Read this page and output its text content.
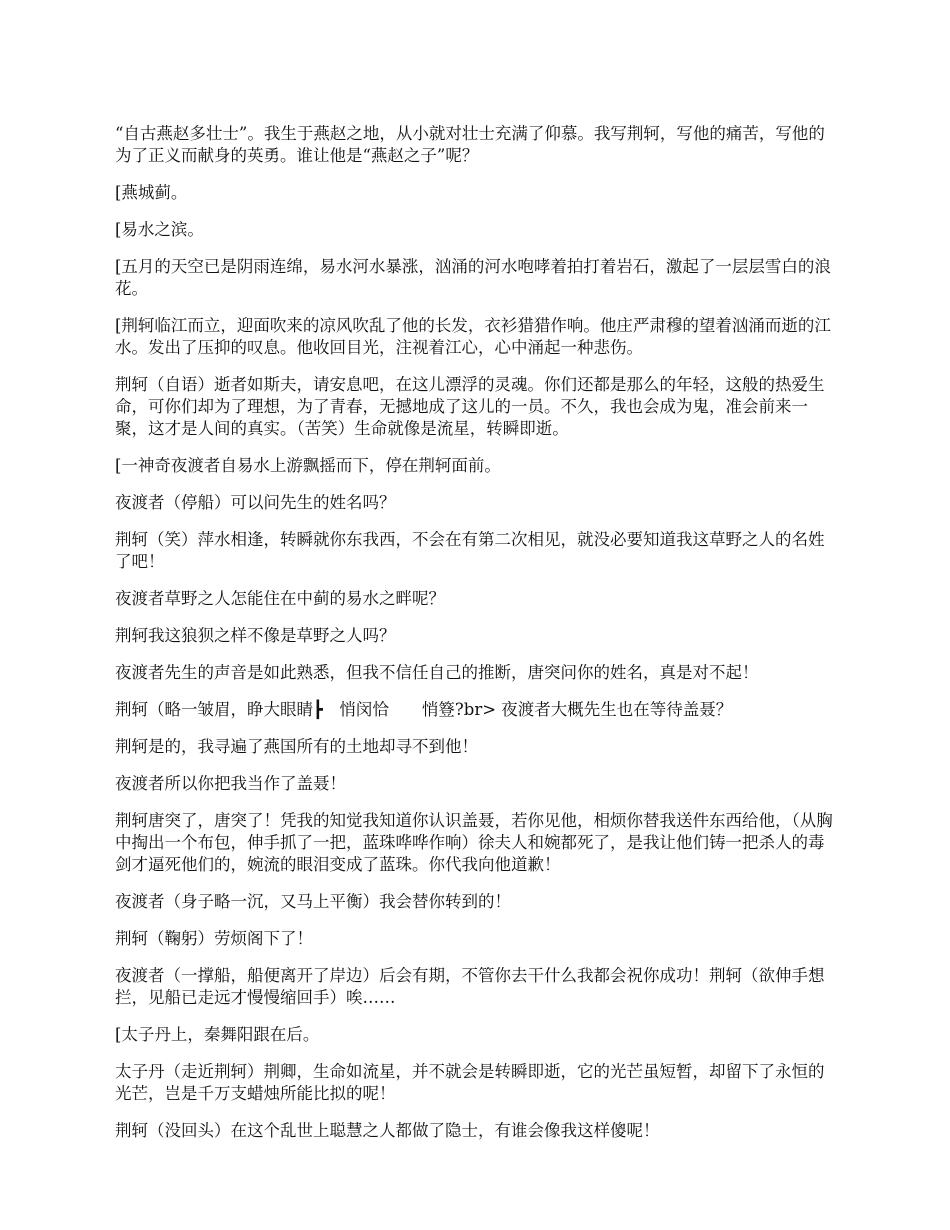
“自古燕赵多壮士”。我生于燕赵之地，从小就对壮士充满了仰慕。我写荆轲，写他的痛苦，写他的为了正义而献身的英勇。谁让他是“燕赵之子”呢？

[燕城蓟。

[易水之滨。

[五月的天空已是阴雨连绵，易水河水暴涨，汹涌的河水咆哮着拍打着岩石，激起了一层层雪白的浪花。

[荆轲临江而立，迎面吹来的凉风吹乱了他的长发，衣衫猎猎作响。他庄严肃穆的望着汹涌而逝的江水。发出了压抑的叹息。他收回目光，注视着江心，心中涌起一种悲伤。

荆轲（自语）逝者如斯夫，请安息吧，在这儿漂浮的灵魂。你们还都是那么的年轻，这般的热爱生命，可你们却为了理想，为了青春，无撼地成了这儿的一员。不久，我也会成为鬼，准会前来一聚，这才是人间的真实。（苦笑）生命就像是流星，转瞬即逝。

[一神奇夜渡者自易水上游飘摇而下，停在荆轲面前。

夜渡者（停船）可以问先生的姓名吗？

荆轲（笑）萍水相逢，转瞬就你东我西，不会在有第二次相见，就没必要知道我这草野之人的名姓了吧！

夜渡者草野之人怎能住在中蓟的易水之畔呢？

荆轲我这狼狈之样不像是草野之人吗？

夜渡者先生的声音是如此熟悉，但我不信任自己的推断，唐突问你的姓名，真是对不起！

荆轲（略一皱眉，睁大眼睛┣　悄闵恰　　悄簦?br> 夜渡者大概先生也在等待盖聂？

荆轲是的，我寻遍了燕国所有的土地却寻不到他！

夜渡者所以你把我当作了盖聂！

荆轲唐突了，唐突了！凭我的知觉我知道你认识盖聂，若你见他，相烦你替我送件东西给他，（从胸中掏出一个布包，伸手抓了一把，蓝珠哗哗作响）徐夫人和婉都死了，是我让他们铸一把杀人的毒剑才逼死他们的，婉流的眼泪变成了蓝珠。你代我向他道歉！

夜渡者（身子略一沉，又马上平衡）我会替你转到的！

荆轲（鞠躬）劳烦阁下了！

夜渡者（一撑船，船便离开了岸边）后会有期，不管你去干什么我都会祝你成功！荆轲（欲伸手想拦，见船已走远才慢慢缩回手）唉……

[太子丹上，秦舞阳跟在后。

太子丹（走近荆轲）荆卿，生命如流星，并不就会是转瞬即逝，它的光芒虽短暂，却留下了永恒的光芒，岂是千万支蜡烛所能比拟的呢！

荆轲（没回头）在这个乱世上聪慧之人都做了隐士，有谁会像我这样傻呢！
